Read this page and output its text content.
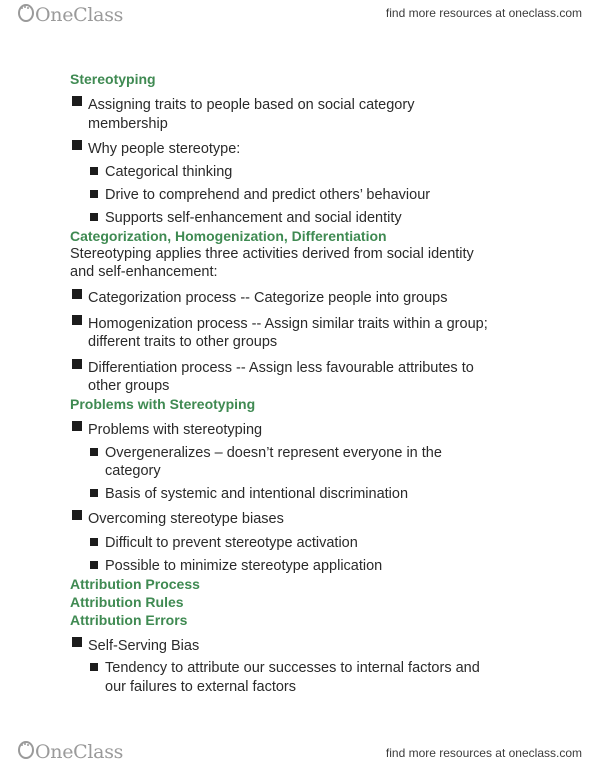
OneClass	find more resources at oneclass.com
Stereotyping
Assigning traits to people based on social category
membership
Why people stereotype:
Categorical thinking
Drive to comprehend and predict others’ behaviour
Supports self-enhancement and social identity
Categorization, Homogenization, Differentiation
Stereotyping applies three activities derived from social identity
and self-enhancement:
Categorization process -- Categorize people into groups
Homogenization process -- Assign similar traits within a group;
different traits to other groups
Differentiation process -- Assign less favourable attributes to
other groups
Problems with Stereotyping
Problems with stereotyping
Overgeneralizes – doesn’t represent everyone in the
category
Basis of systemic and intentional discrimination
Overcoming stereotype biases
Difficult to prevent stereotype activation
Possible to minimize stereotype application
Attribution Process
Attribution Rules
Attribution Errors
Self-Serving Bias
Tendency to attribute our successes to internal factors and
our failures to external factors
OneClass	find more resources at oneclass.com
